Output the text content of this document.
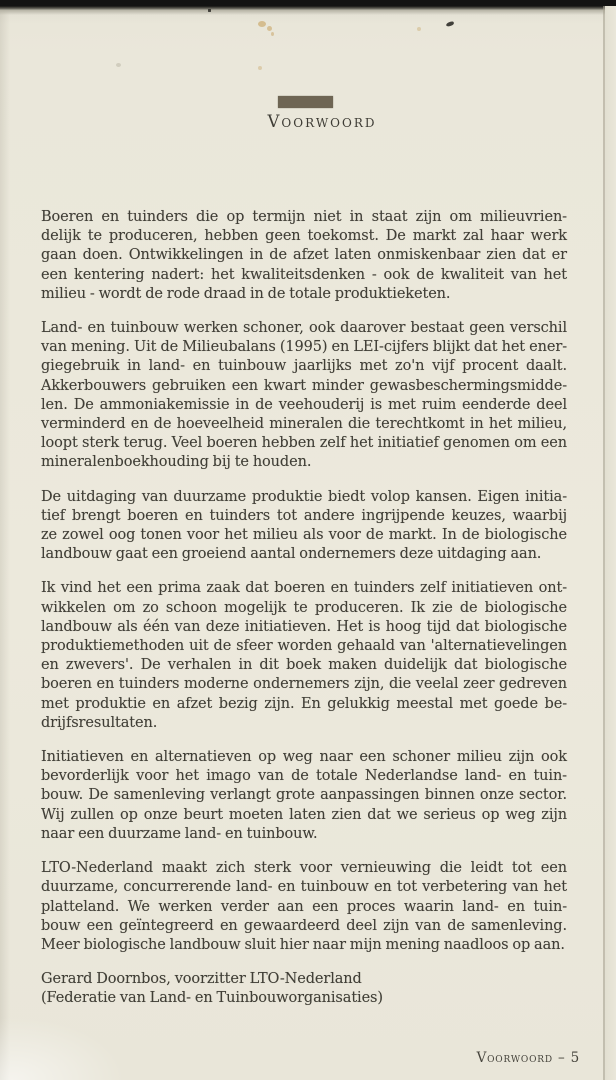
Voorwoord
Boeren en tuinders die op termijn niet in staat zijn om milieuvrien-
delijk te produceren, hebben geen toekomst. De markt zal haar werk
gaan doen. Ontwikkelingen in de afzet laten onmiskenbaar zien dat er
een kentering nadert: het kwaliteitsdenken - ook de kwaliteit van het
milieu - wordt de rode draad in de totale produktieketen.
Land- en tuinbouw werken schoner, ook daarover bestaat geen verschil
van mening. Uit de Milieubalans (1995) en LEI-cijfers blijkt dat het ener-
giegebruik in land- en tuinbouw jaarlijks met zo'n vijf procent daalt.
Akkerbouwers gebruiken een kwart minder gewasbeschermingsmidde-
len. De ammoniakemissie in de veehouderij is met ruim eenderde deel
verminderd en de hoeveelheid mineralen die terechtkomt in het milieu,
loopt sterk terug. Veel boeren hebben zelf het initiatief genomen om een
mineralenboekhouding bij te houden.
De uitdaging van duurzame produktie biedt volop kansen. Eigen initia-
tief brengt boeren en tuinders tot andere ingrijpende keuzes, waarbij
ze zowel oog tonen voor het milieu als voor de markt. In de biologische
landbouw gaat een groeiend aantal ondernemers deze uitdaging aan.
Ik vind het een prima zaak dat boeren en tuinders zelf initiatieven ont-
wikkelen om zo schoon mogelijk te produceren. Ik zie de biologische
landbouw als één van deze initiatieven. Het is hoog tijd dat biologische
produktiemethoden uit de sfeer worden gehaald van 'alternatievelingen
en zwevers'. De verhalen in dit boek maken duidelijk dat biologische
boeren en tuinders moderne ondernemers zijn, die veelal zeer gedreven
met produktie en afzet bezig zijn. En gelukkig meestal met goede be-
drijfsresultaten.
Initiatieven en alternatieven op weg naar een schoner milieu zijn ook
bevorderlijk voor het imago van de totale Nederlandse land- en tuin-
bouw. De samenleving verlangt grote aanpassingen binnen onze sector.
Wij zullen op onze beurt moeten laten zien dat we serieus op weg zijn
naar een duurzame land- en tuinbouw.
LTO-Nederland maakt zich sterk voor vernieuwing die leidt tot een
duurzame, concurrerende land- en tuinbouw en tot verbetering van het
platteland. We werken verder aan een proces waarin land- en tuin-
bouw een geïntegreerd en gewaardeerd deel zijn van de samenleving.
Meer biologische landbouw sluit hier naar mijn mening naadloos op aan.
Gerard Doornbos, voorzitter LTO-Nederland
(Federatie van Land- en Tuinbouworganisaties)
Voorwoord – 5
